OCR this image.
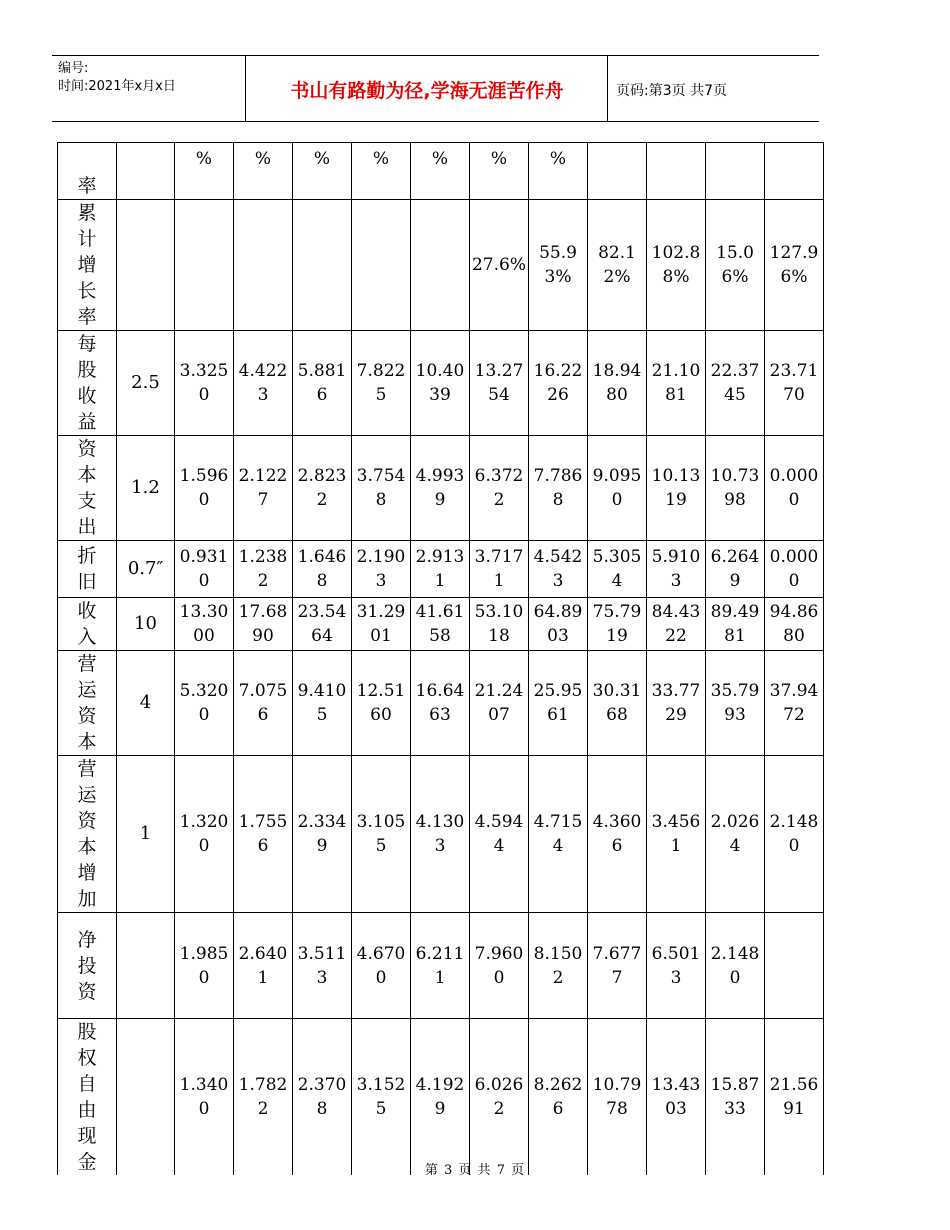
编号:
时间:2021年x月x日	书山有路勤为径,学海无涯苦作舟	页码:第3页 共7页
率		%	%	%	%	%	%	%				

累计增长率							27.6%	55.93%	82.12%	102.88%	15.06%	127.96%

每股收益	2.5	3.3250	4.4223	5.8816	7.8225	10.4039	13.2754	16.2226	18.9480	21.1081	22.3745	23.7170

资本支出	1.2	1.5960	2.1227	2.8232	3.7548	4.9939	6.3722	7.7868	9.0950	10.1319	10.7398	0.0000

折旧	0.7″	0.9310	1.2382	1.6468	2.1903	2.9131	3.7171	4.5423	5.3054	5.9103	6.2649	0.0000

收入	10	13.3000	17.6890	23.5464	31.2901	41.6158	53.1018	64.8903	75.7919	84.4322	89.4981	94.8680

营运资本	4	5.3200	7.0756	9.4105	12.5160	16.6463	21.2407	25.9561	30.3168	33.7729	35.7993	37.9472

营运资本增加	1	1.3200	1.7556	2.3349	3.1055	4.1303	4.5944	4.7154	4.3606	3.4561	2.0264	2.1480

净投资		1.9850	2.6401	3.5113	4.6700	6.2111	7.9600	8.1502	7.6777	6.5013	2.1480	

股权自由现金		1.3400	1.7822	2.3708	3.1525	4.1929	6.0262	8.2626	10.7978	13.4303	15.8733	21.5691
第 3 页 共 7 页
